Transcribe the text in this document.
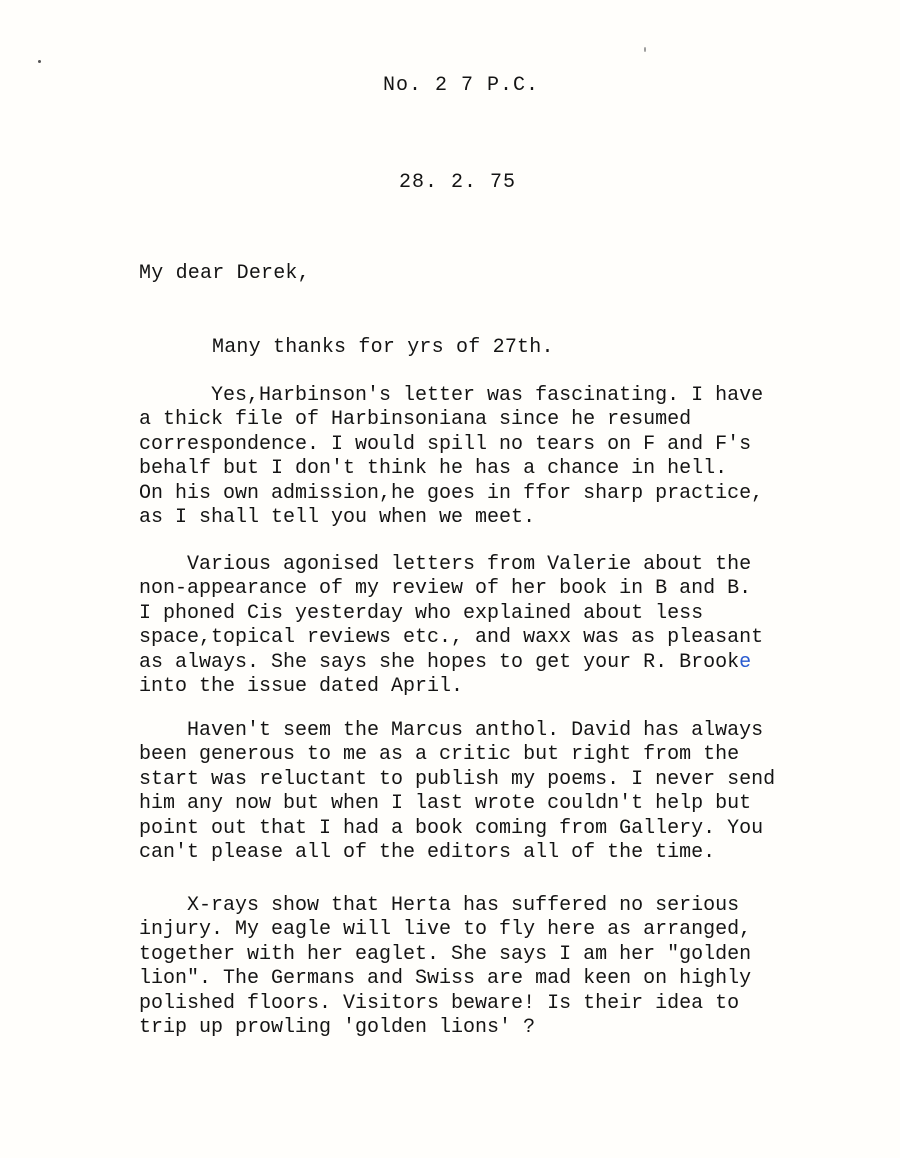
No. 2 7 P.C.
28. 2. 75
My dear Derek,
Many thanks for yrs of 27th.
Yes,Harbinson's letter was fascinating. I have
a thick file of Harbinsoniana since he resumed
correspondence. I would spill no tears on F and F's
behalf but I don't think he has a chance in hell.
On his own admission,he goes in ffor sharp practice,
as I shall tell you when we meet.
Various agonised letters from Valerie about the
non-appearance of my review of her book in B and B.
I phoned Cis yesterday who explained about less
space,topical reviews etc., and waxx was as pleasant
as always. She says she hopes to get your R. Brooke
into the issue dated April.
Haven't seem the Marcus anthol. David has always
been generous to me as a critic but right from the
start was reluctant to publish my poems. I never send
him any now but when I last wrote couldn't help but
point out that I had a book coming from Gallery. You
can't please all of the editors all of the time.
X-rays show that Herta has suffered no serious
injury. My eagle will live to fly here as arranged,
together with her eaglet. She says I am her "golden
lion". The Germans and Swiss are mad keen on highly
polished floors. Visitors beware! Is their idea to
trip up prowling 'golden lions' ?
